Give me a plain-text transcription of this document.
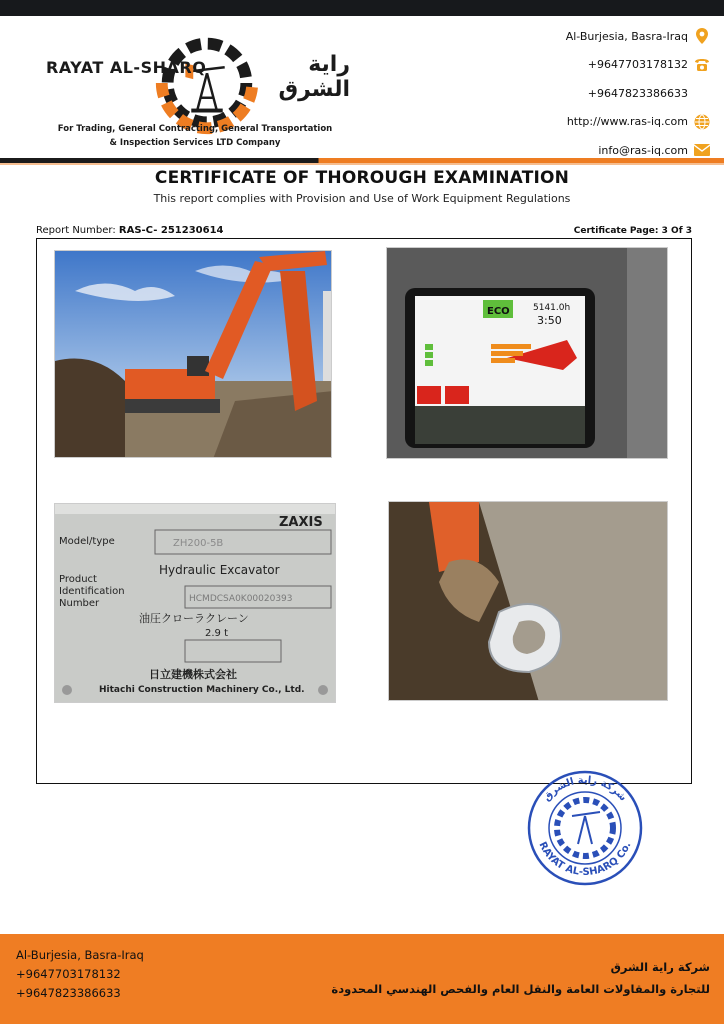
RAYAT AL-SHARQ	راية الشرق
For Trading, General Contracting, General Transportation
& Inspection Services LTD Company
Al-Burjesia, Basra-Iraq
+9647703178132
+9647823386633
http://www.ras-iq.com
info@ras-iq.com
CERTIFICATE OF THOROUGH EXAMINATION
This report complies with Provision and Use of Work Equipment Regulations
Report Number: RAS-C- 251230614	Certificate Page: 3 Of 3
ECO	5141.0h
3:50
ZAXIS
Model/type	ZH200-5B
Hydraulic Excavator
Product
Identification
Number	HCMDCSA0K00020393
油圧クローラクレーン
2.9 t
日立建機株式会社
Hitachi Construction Machinery Co., Ltd.
شركة راية الشرق
RAYAT AL-SHARQ Co.
Al-Burjesia, Basra-Iraq
+9647703178132
+9647823386633
شركة راية الشرق
للتجارة والمقاولات العامة والنقل العام والفحص الهندسي المحدودة
